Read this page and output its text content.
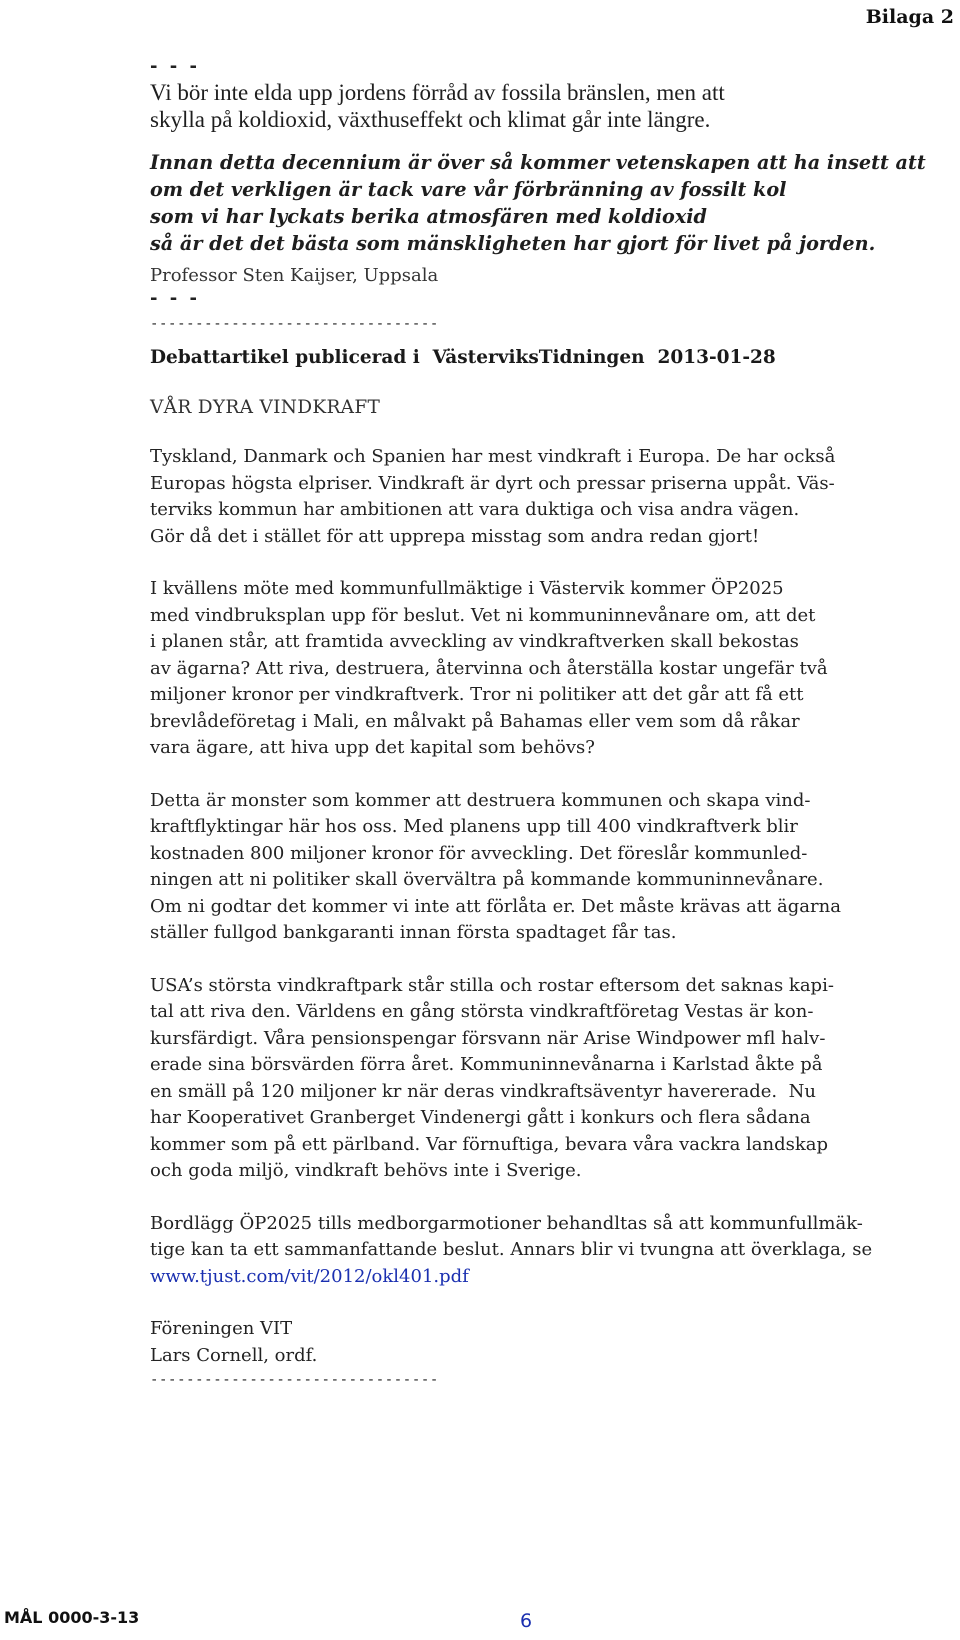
Bilaga 2
- - -
Vi bör inte elda upp jordens förråd av fossila bränslen, men att
skylla på koldioxid, växthuseffekt och klimat går inte längre.
Innan detta decennium är över så kommer vetenskapen att ha insett att
om det verkligen är tack vare vår förbränning av fossilt kol
som vi har lyckats berika atmosfären med koldioxid
så är det det bästa som mänskligheten har gjort för livet på jorden.
Professor Sten Kaijser, Uppsala
- - -
--------------------------------
Debattartikel publicerad i  VästerviksTidningen  2013-01-28
VÅR DYRA VINDKRAFT
Tyskland, Danmark och Spanien har mest vindkraft i Europa. De har också
Europas högsta elpriser. Vindkraft är dyrt och pressar priserna uppåt. Väs-
terviks kommun har ambitionen att vara duktiga och visa andra vägen.
Gör då det i stället för att upprepa misstag som andra redan gjort!
I kvällens möte med kommunfullmäktige i Västervik kommer ÖP2025
med vindbruksplan upp för beslut. Vet ni kommuninnevånare om, att det
i planen står, att framtida avveckling av vindkraftverken skall bekostas
av ägarna? Att riva, destruera, återvinna och återställa kostar ungefär två
miljoner kronor per vindkraftverk. Tror ni politiker att det går att få ett
brevlådeföretag i Mali, en målvakt på Bahamas eller vem som då råkar
vara ägare, att hiva upp det kapital som behövs?
Detta är monster som kommer att destruera kommunen och skapa vind-
kraftflyktingar här hos oss. Med planens upp till 400 vindkraftverk blir
kostnaden 800 miljoner kronor för avveckling. Det föreslår kommunled-
ningen att ni politiker skall övervältra på kommande kommuninnevånare.
Om ni godtar det kommer vi inte att förlåta er. Det måste krävas att ägarna
ställer fullgod bankgaranti innan första spadtaget får tas.
USA’s största vindkraftpark står stilla och rostar eftersom det saknas kapi-
tal att riva den. Världens en gång största vindkraftföretag Vestas är kon-
kursfärdigt. Våra pensionspengar försvann när Arise Windpower mfl halv-
erade sina börsvärden förra året. Kommuninnevånarna i Karlstad åkte på
en smäll på 120 miljoner kr när deras vindkraftsäventyr havererade.  Nu
har Kooperativet Granberget Vindenergi gått i konkurs och flera sådana
kommer som på ett pärlband. Var förnuftiga, bevara våra vackra landskap
och goda miljö, vindkraft behövs inte i Sverige.
Bordlägg ÖP2025 tills medborgarmotioner behandltas så att kommunfullmäk-
tige kan ta ett sammanfattande beslut. Annars blir vi tvungna att överklaga, se
www.tjust.com/vit/2012/okl401.pdf
Föreningen VIT
Lars Cornell, ordf.
--------------------------------
MÅL 0000-3-13	6
